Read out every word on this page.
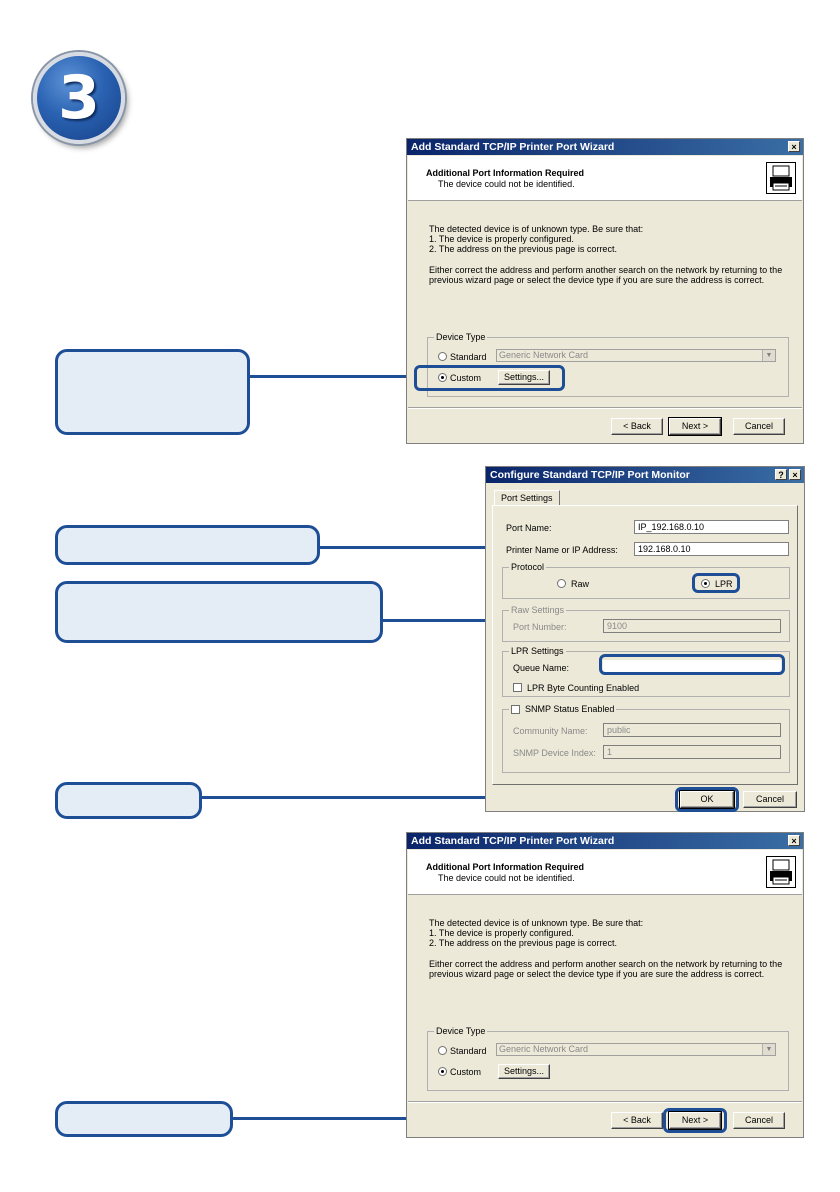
3
Add Standard TCP/IP Printer Port Wizard	×
Additional Port Information Required
The device could not be identified.
The detected device is of unknown type. Be sure that:
1. The device is properly configured.
2. The address on the previous page is correct.
Either correct the address and perform another search on the network by returning to the
previous wizard page or select the device type if you are sure the address is correct.
Device Type
Standard	Generic Network Card	▼
Custom	Settings...
< Back	Next >	Cancel
Configure Standard TCP/IP Port Monitor	? ×
Port Settings
Port Name:	IP_192.168.0.10
Printer Name or IP Address:	192.168.0.10
Protocol
Raw	LPR
Raw Settings
Port Number:	9100
LPR Settings
Queue Name:
LPR Byte Counting Enabled
SNMP Status Enabled
Community Name:	public
SNMP Device Index:	1
OK	Cancel
Add Standard TCP/IP Printer Port Wizard	×
Additional Port Information Required
The device could not be identified.
The detected device is of unknown type. Be sure that:
1. The device is properly configured.
2. The address on the previous page is correct.
Either correct the address and perform another search on the network by returning to the
previous wizard page or select the device type if you are sure the address is correct.
Device Type
Standard	Generic Network Card	▼
Custom	Settings...
< Back	Next >	Cancel
